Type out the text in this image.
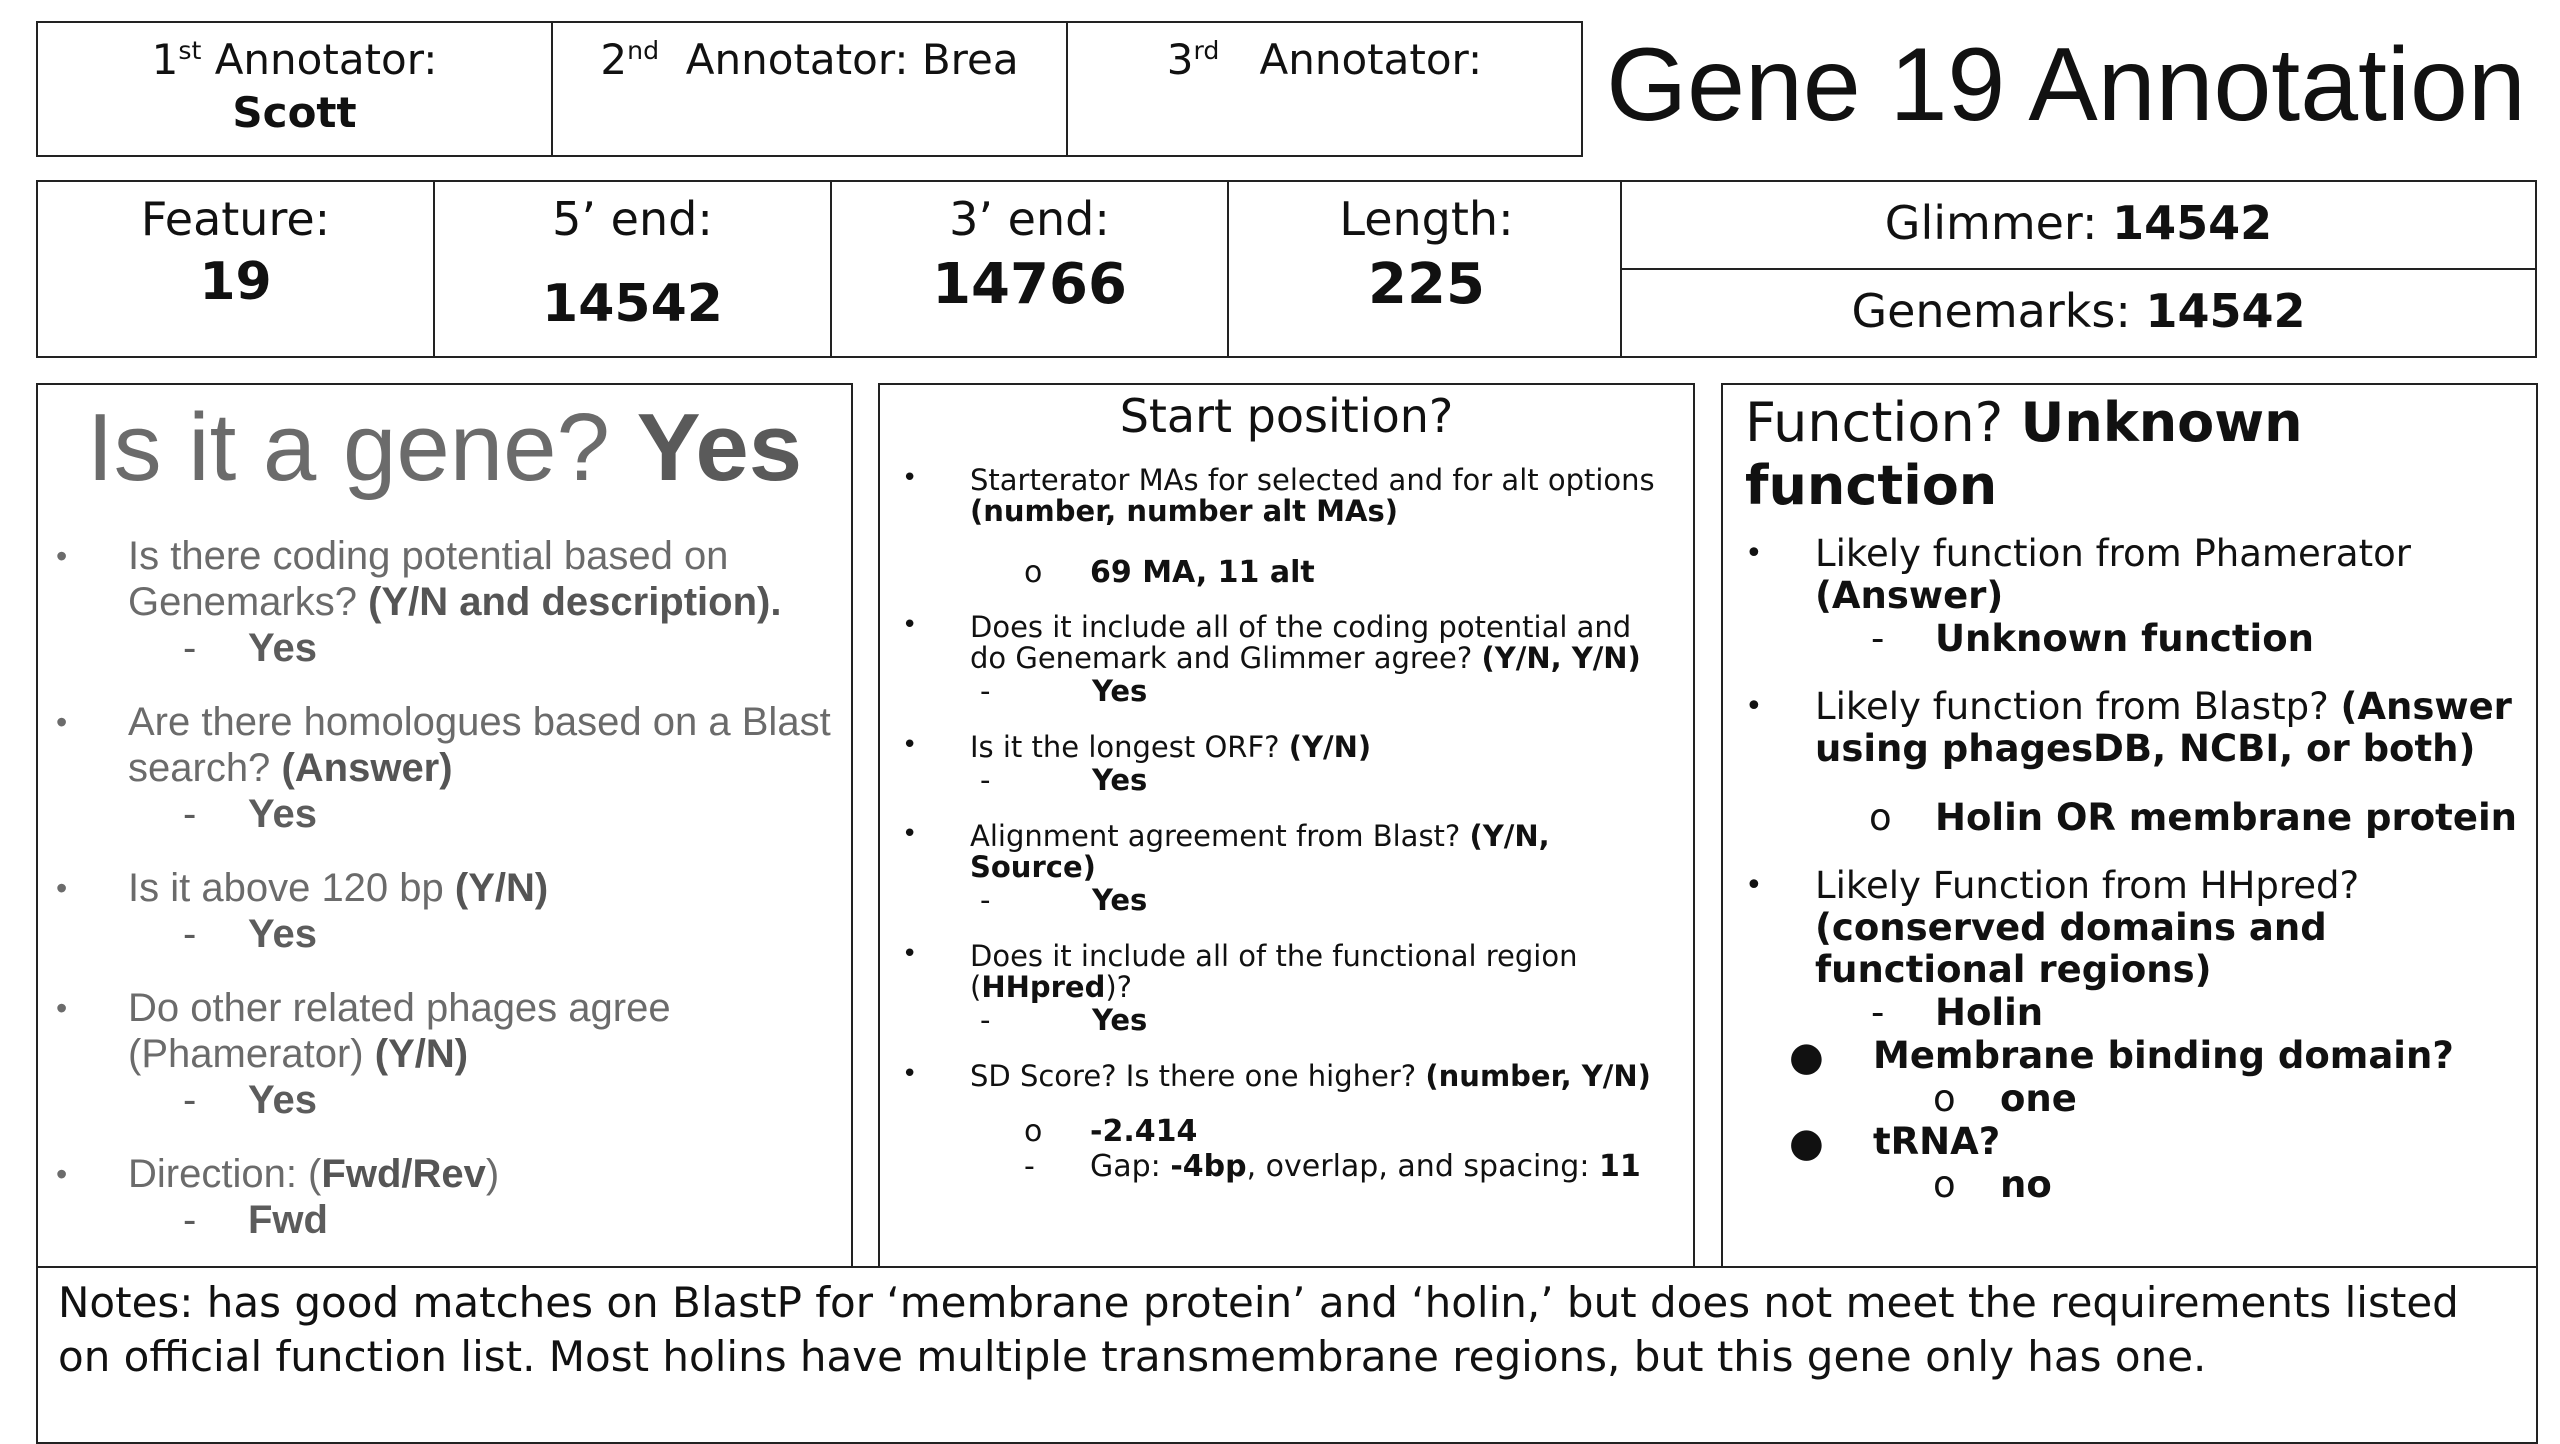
1st Annotator:
Scott
2nd Annotator: Brea	3rd Annotator:	Gene 19 Annotation
Feature:
19
5’ end:
14542
3’ end:
14766
Length:
225
Glimmer: 14542
Genemarks: 14542
Is it a gene? Yes
• Is there coding potential based on Genemarks? (Y/N and description).
- Yes
• Are there homologues based on a Blast search? (Answer)
- Yes
• Is it above 120 bp (Y/N)
- Yes
• Do other related phages agree (Phamerator) (Y/N)
- Yes
• Direction: (Fwd/Rev)
- Fwd
Start position?
• Starterator MAs for selected and for alt options
(number, number alt MAs)
o 69 MA, 11 alt
• Does it include all of the coding potential and do Genemark and Glimmer agree? (Y/N, Y/N)
-	Yes
• Is it the longest ORF? (Y/N)
-	Yes
• Alignment agreement from Blast? (Y/N, Source)
-	Yes
• Does it include all of the functional region (HHpred)?
-	Yes
• SD Score? Is there one higher? (number, Y/N)
o -2.414
- Gap: -4bp, overlap, and spacing: 11
Function? Unknown function
• Likely function from Phamerator
(Answer)
- Unknown function
• Likely function from Blastp? (Answer using phagesDB, NCBI, or both)
o Holin OR membrane protein
• Likely Function from HHpred?
(conserved domains and functional regions)
- Holin
● Membrane binding domain?
o one
● tRNA?
o no
Notes: has good matches on BlastP for ‘membrane protein’ and ‘holin,’ but does not meet the requirements listed on official function list. Most holins have multiple transmembrane regions, but this gene only has one.
